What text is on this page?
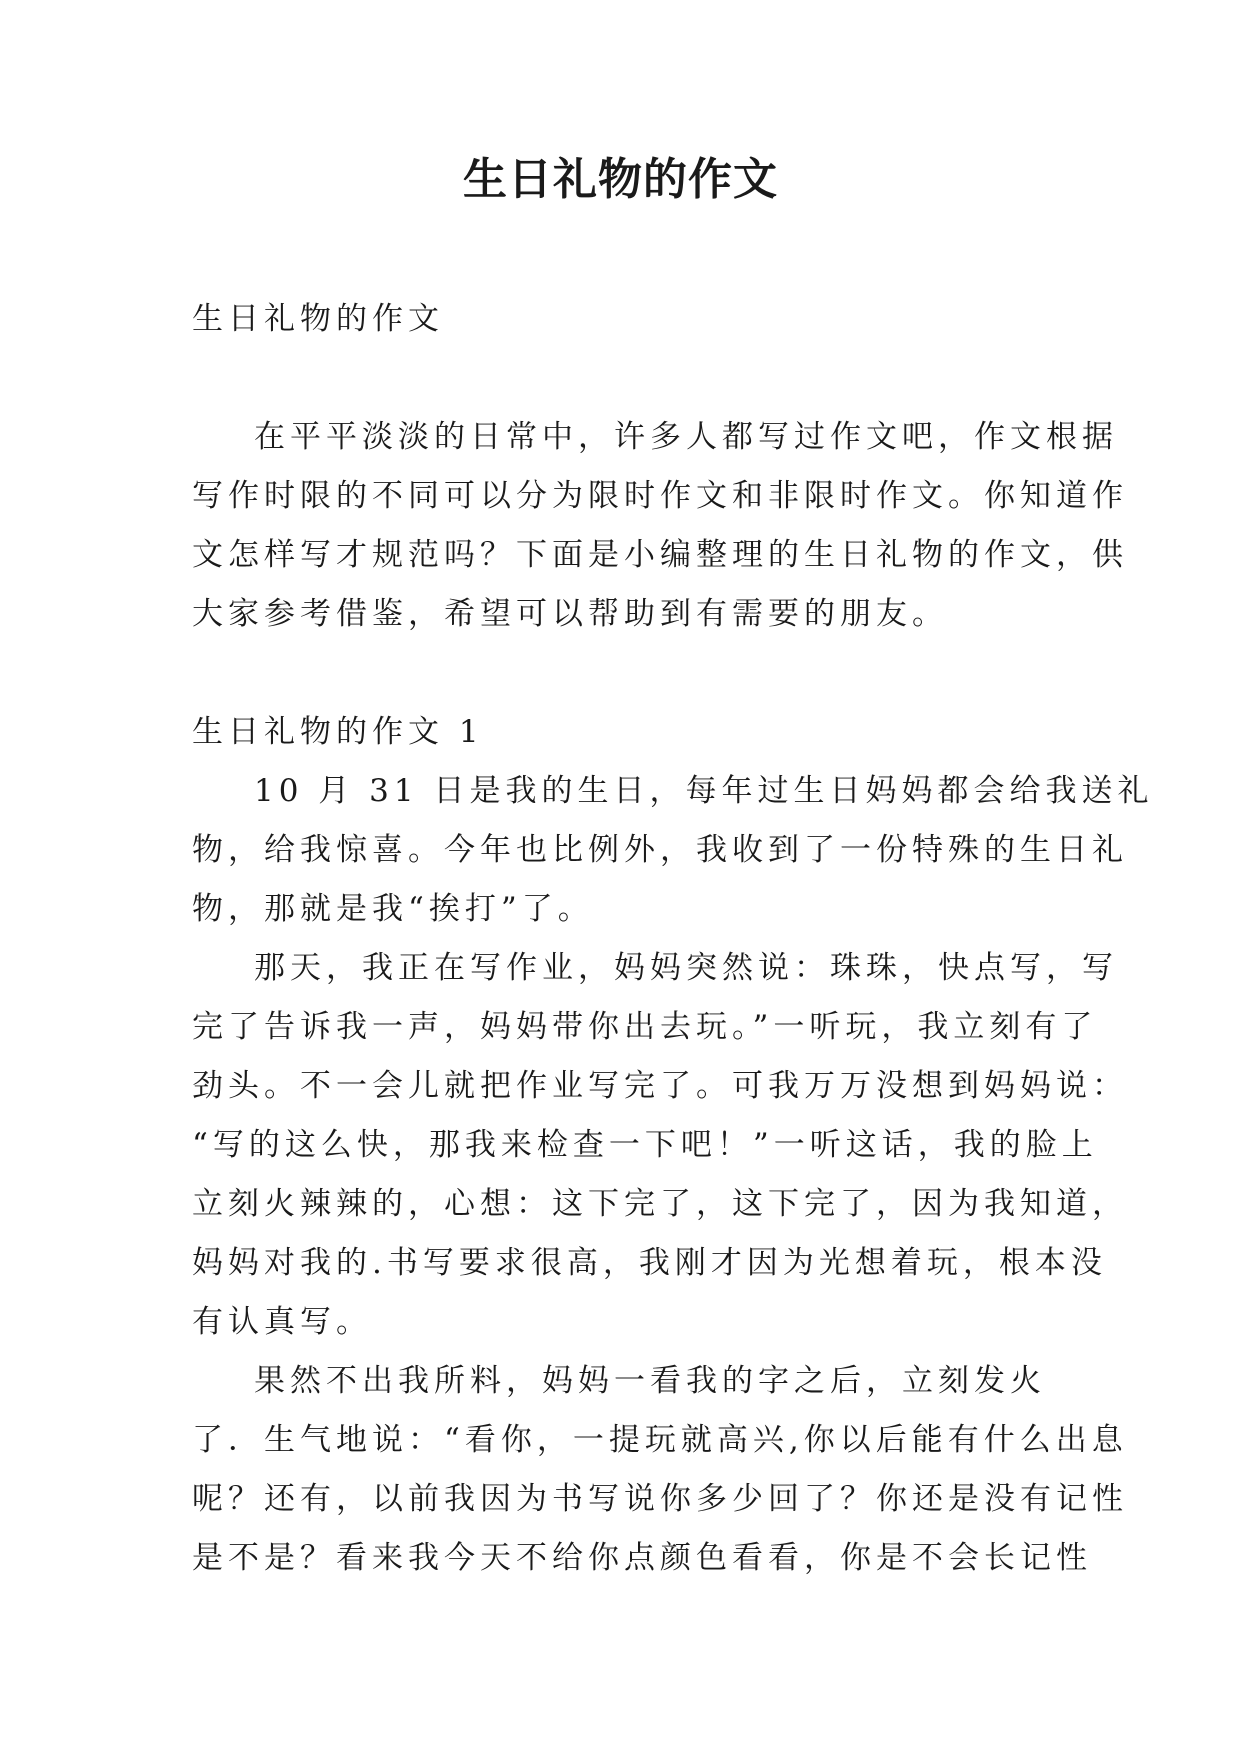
生日礼物的作文
生日礼物的作文
在平平淡淡的日常中，许多人都写过作文吧，作文根据
写作时限的不同可以分为限时作文和非限时作文。你知道作
文怎样写才规范吗？下面是小编整理的生日礼物的作文，供
大家参考借鉴，希望可以帮助到有需要的朋友。
生日礼物的作文 1
10 月 31 日是我的生日，每年过生日妈妈都会给我送礼
物，给我惊喜。今年也比例外，我收到了一份特殊的生日礼
物，那就是我“挨打”了。
那天，我正在写作业，妈妈突然说：珠珠，快点写，写
完了告诉我一声，妈妈带你出去玩。”一听玩，我立刻有了
劲头。不一会儿就把作业写完了。可我万万没想到妈妈说：
“写的这么快，那我来检查一下吧！”一听这话，我的脸上
立刻火辣辣的，心想：这下完了，这下完了，因为我知道，
妈妈对我的.书写要求很高，我刚才因为光想着玩，根本没
有认真写。
果然不出我所料，妈妈一看我的字之后，立刻发火
了．生气地说：“看你，一提玩就高兴,你以后能有什么出息
呢？还有，以前我因为书写说你多少回了？你还是没有记性
是不是？看来我今天不给你点颜色看看，你是不会长记性
